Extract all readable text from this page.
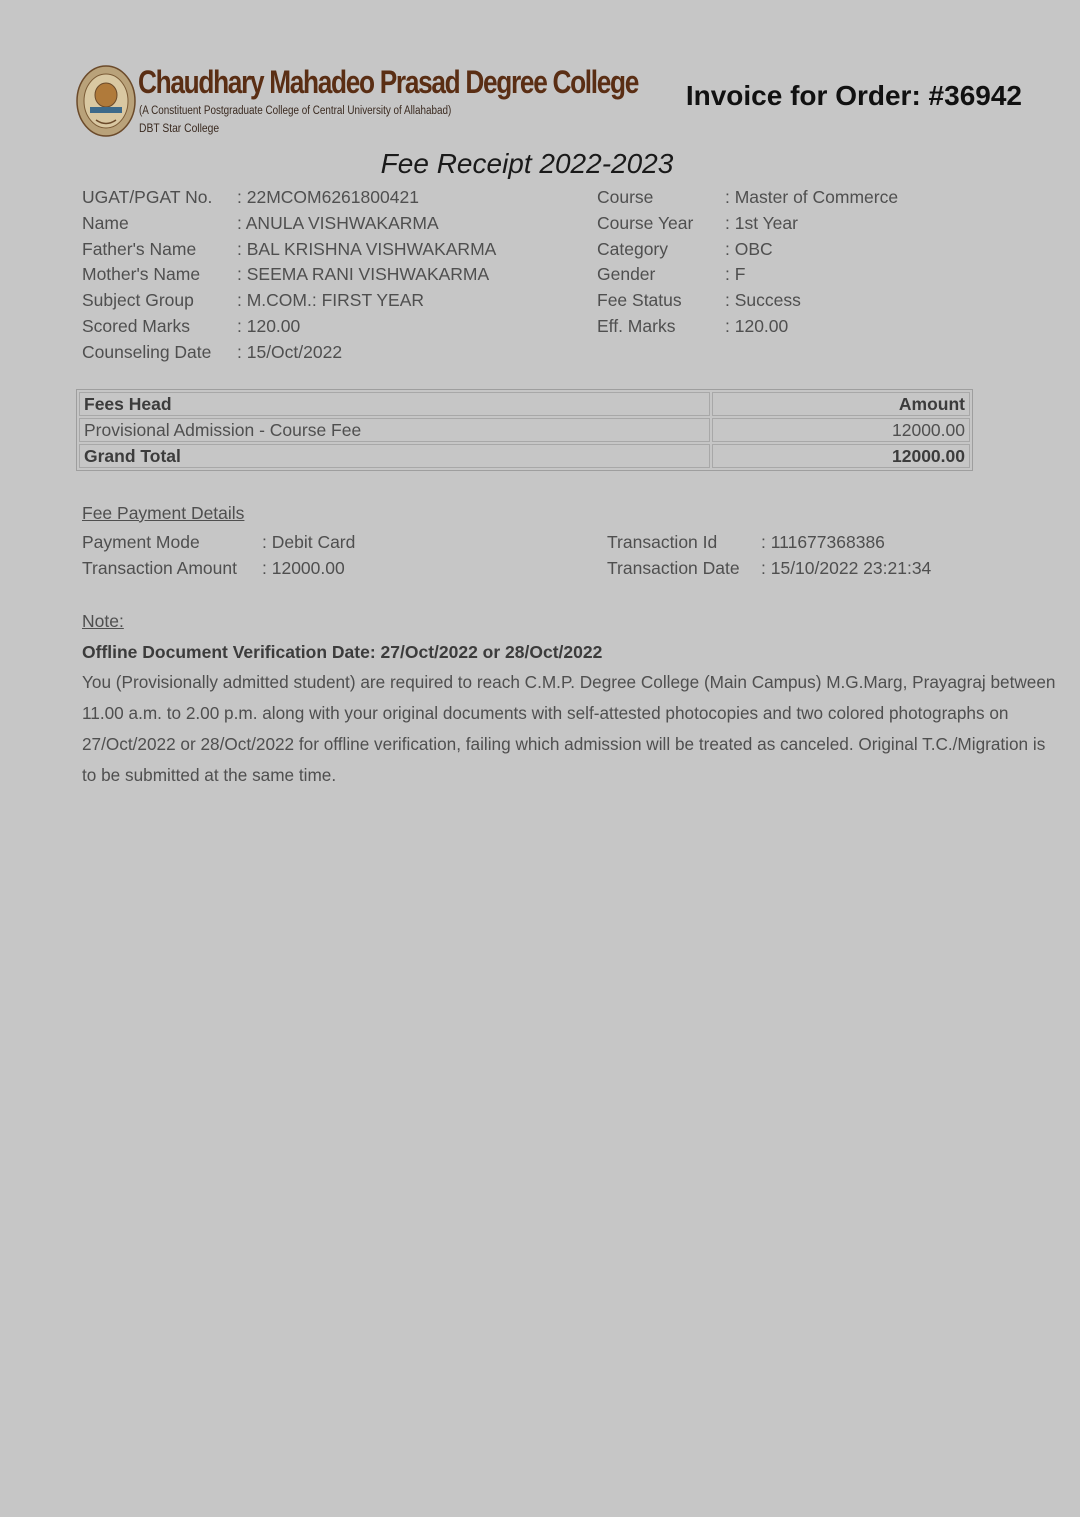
Chaudhary Mahadeo Prasad Degree College
(A Constituent Postgraduate College of Central University of Allahabad)
DBT Star College
Invoice for Order: #36942
Fee Receipt 2022-2023
UGAT/PGAT No. : 22MCOM6261800421
Name	: ANULA VISHWAKARMA
Father's Name : BAL KRISHNA VISHWAKARMA
Mother's Name : SEEMA RANI VISHWAKARMA
Subject Group : M.COM.: FIRST YEAR
Scored Marks	: 120.00
Counseling Date : 15/Oct/2022
Course	: Master of Commerce
Course Year : 1st Year
Category	: OBC
Gender	: F
Fee Status : Success
Eff. Marks	: 120.00
Fees Head	Amount
Provisional Admission - Course Fee	12000.00
Grand Total	12000.00
Fee Payment Details
Payment Mode	: Debit Card
Transaction Amount : 12000.00
Transaction Id	: 111677368386
Transaction Date : 15/10/2022 23:21:34
Note:
Offline Document Verification Date: 27/Oct/2022 or 28/Oct/2022
You (Provisionally admitted student) are required to reach C.M.P. Degree College (Main Campus) M.G.Marg, Prayagraj between 11.00 a.m. to 2.00 p.m. along with your original documents with self-attested photocopies and two colored photographs on 27/Oct/2022 or 28/Oct/2022 for offline verification, failing which admission will be treated as canceled. Original T.C./Migration is to be submitted at the same time.
